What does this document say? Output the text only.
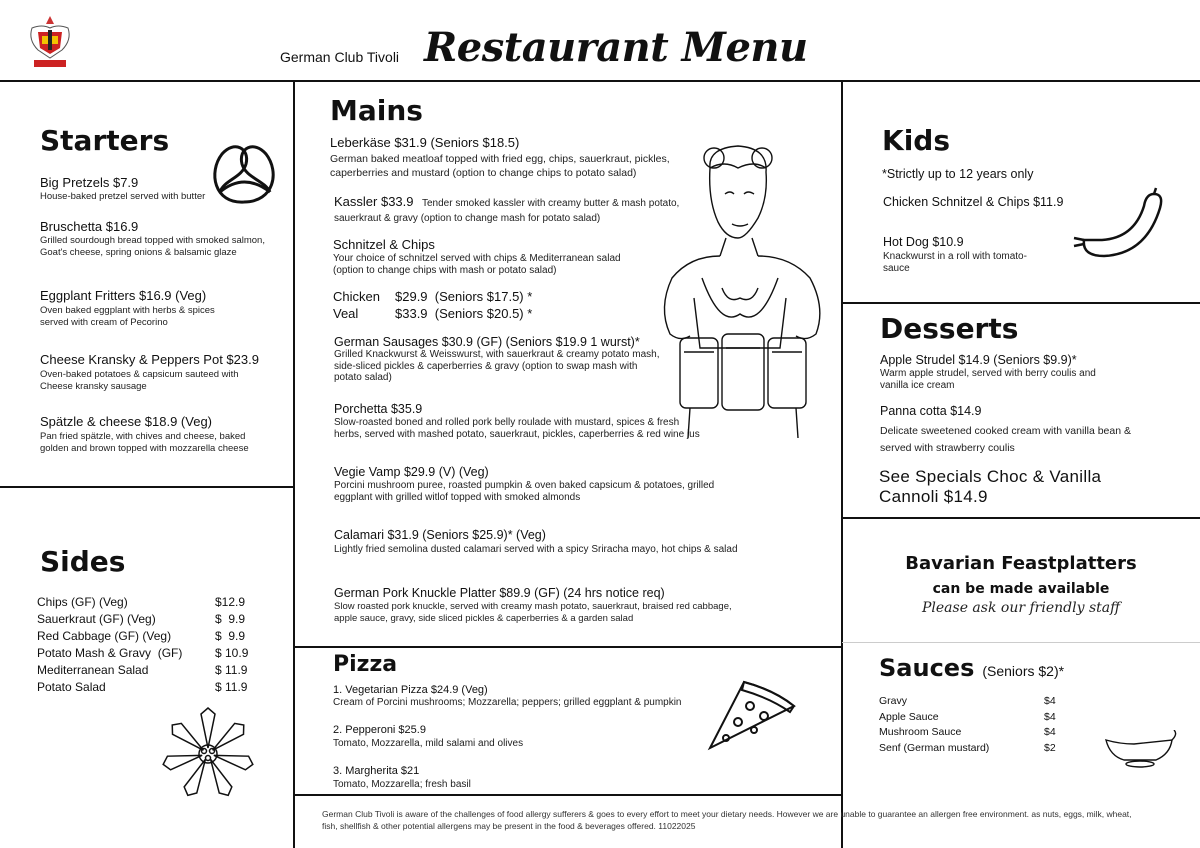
German Club Tivoli Restaurant Menu
Starters
Big Pretzels $7.9
House-baked pretzel served with butter
Bruschetta $16.9
Grilled sourdough bread topped with smoked salmon, Goat's cheese, spring onions & balsamic glaze
Eggplant Fritters $16.9 (Veg)
Oven baked eggplant with herbs & spices served with cream of Pecorino
Cheese Kransky & Peppers Pot $23.9
Oven-baked potatoes & capsicum sauteed with Cheese kransky sausage
Spätzle & cheese $18.9 (Veg)
Pan fried spätzle, with chives and cheese, baked golden and brown topped with mozzarella cheese
Sides
Chips (GF) (Veg)	$12.9
Sauerkraut (GF) (Veg)	$  9.9
Red Cabbage (GF) (Veg)	$  9.9
Potato Mash & Gravy  (GF)	$ 10.9
Mediterranean Salad	$ 11.9
Potato Salad	$ 11.9
Mains
Leberkäse $31.9 (Seniors $18.5)
German baked meatloaf topped with fried egg, chips, sauerkraut, pickles, caperberries and mustard (option to change chips to potato salad)
Kassler $33.9 Tender smoked kassler with creamy butter & mash potato, sauerkraut & gravy (option to change mash for potato salad)
Schnitzel & Chips
Your choice of schnitzel served with chips & Mediterranean salad (option to change chips with mash or potato salad)
Chicken	$29.9  (Seniors $17.5) *
Veal	$33.9  (Seniors $20.5) *
German Sausages $30.9 (GF) (Seniors $19.9 1 wurst)*
Grilled Knackwurst & Weisswurst, with sauerkraut & creamy potato mash, side-sliced pickles & caperberries & gravy (option to swap mash with potato salad)
Porchetta $35.9
Slow-roasted boned and rolled pork belly roulade with mustard, spices & fresh herbs, served with mashed potato, sauerkraut, pickles, caperberries & red wine jus
Vegie Vamp $29.9 (V) (Veg)
Porcini mushroom puree, roasted pumpkin & oven baked capsicum & potatoes, grilled eggplant with grilled witlof topped with smoked almonds
Calamari $31.9 (Seniors $25.9)* (Veg)
Lightly fried semolina dusted calamari served with a spicy Sriracha mayo, hot chips & salad
German Pork Knuckle Platter $89.9 (GF) (24 hrs notice req)
Slow roasted pork knuckle, served with creamy mash potato, sauerkraut, braised red cabbage, apple sauce, gravy, side sliced pickles & caperberries & a garden salad
Pizza
1. Vegetarian Pizza $24.9 (Veg)
Cream of Porcini mushrooms; Mozzarella; peppers; grilled eggplant & pumpkin
2. Pepperoni $25.9
Tomato, Mozzarella, mild salami and olives
3. Margherita $21
Tomato, Mozzarella; fresh basil
German Club Tivoli is aware of the challenges of food allergy sufferers & goes to every effort to meet your dietary needs. However we are unable to guarantee an allergen free environment. as nuts, eggs, milk, wheat, fish, shellfish & other potential allergens may be present in the food & beverages offered. 11022025
Kids
*Strictly up to 12 years only
Chicken Schnitzel & Chips $11.9
Hot Dog $10.9
Knackwurst in a roll with tomato-sauce
Desserts
Apple Strudel $14.9 (Seniors $9.9)*
Warm apple strudel, served with berry coulis and vanilla ice cream
Panna cotta $14.9
Delicate sweetened cooked cream with vanilla bean & served with strawberry coulis
See Specials Choc & Vanilla Cannoli $14.9
Bavarian Feastplatters
can be made available
Please ask our friendly staff
Sauces (Seniors $2)*
Gravy	$4
Apple Sauce	$4
Mushroom Sauce	$4
Senf (German mustard)	$2
